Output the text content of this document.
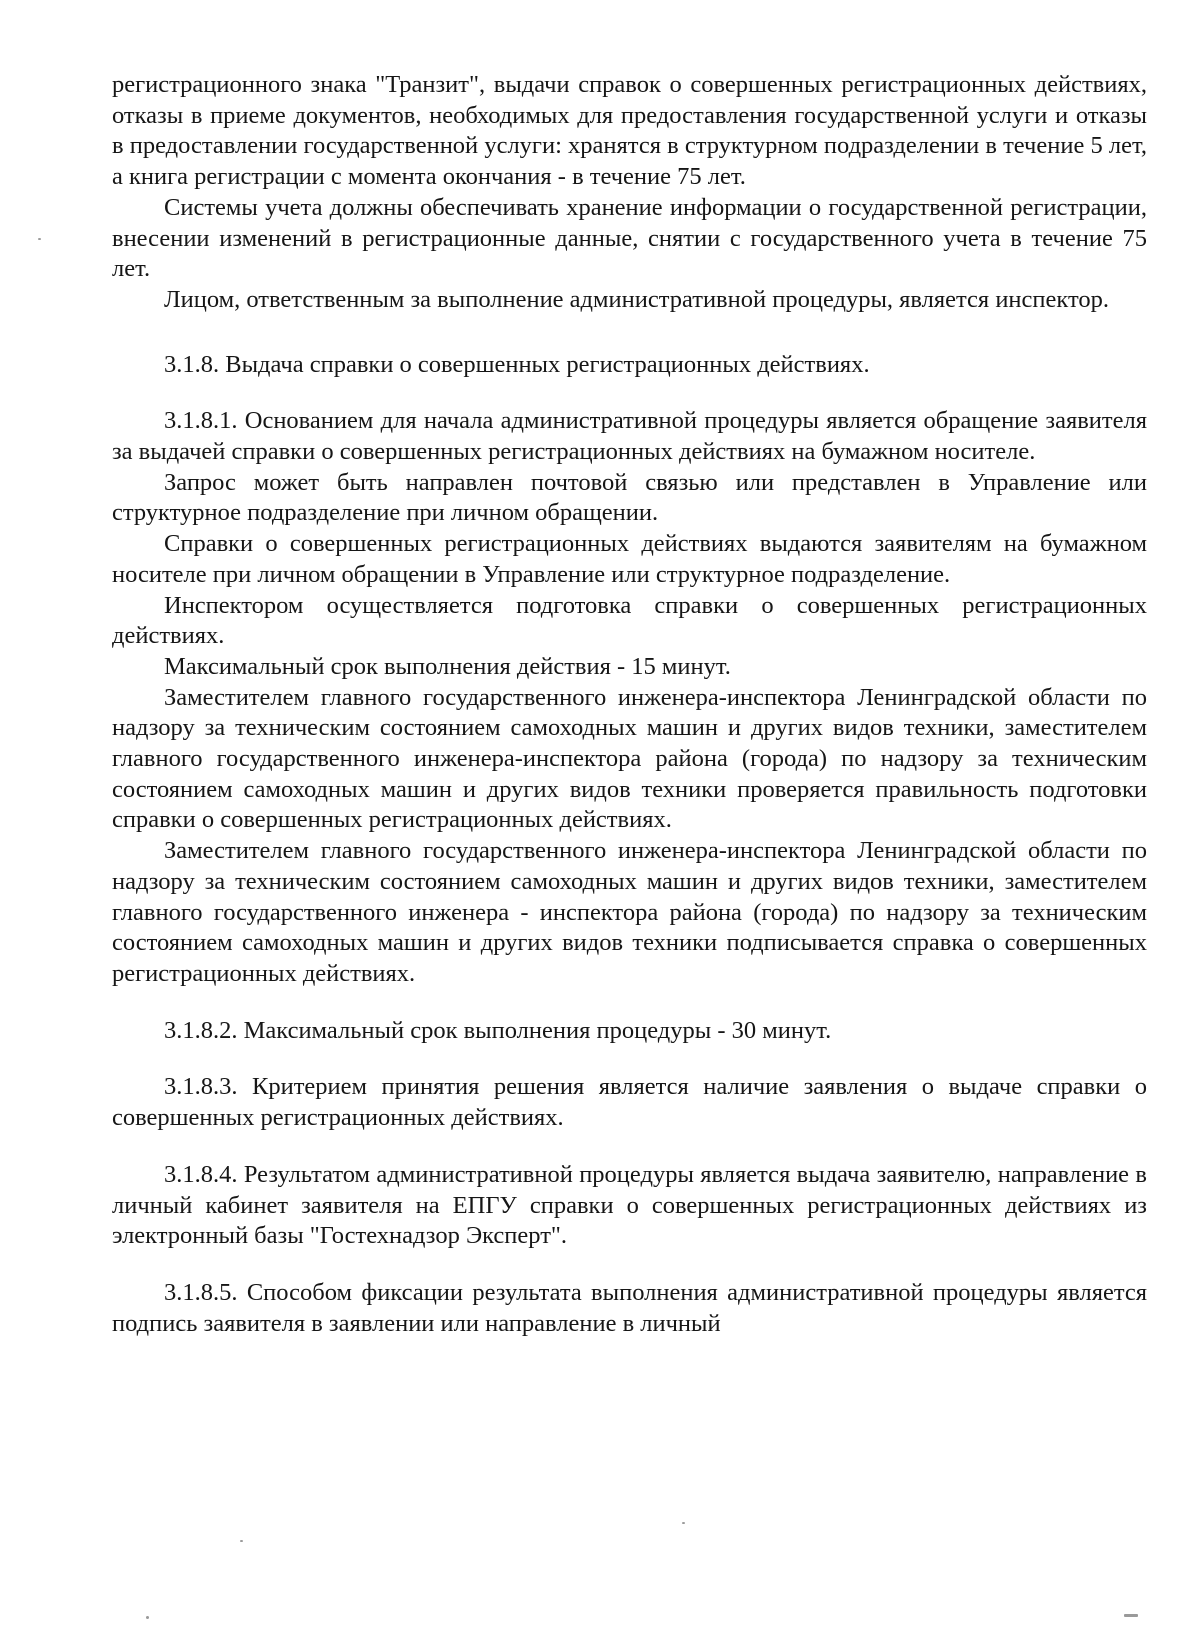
регистрационного знака "Транзит", выдачи справок о совершенных регистрационных действиях, отказы в приеме документов, необходимых для предоставления государственной услуги и отказы в предоставлении государственной услуги: хранятся в структурном подразделении в течение 5 лет, а книга регистрации с момента окончания - в течение 75 лет.

Системы учета должны обеспечивать хранение информации о государственной регистрации, внесении изменений в регистрационные данные, снятии с государственного учета в течение 75 лет.

Лицом, ответственным за выполнение административной процедуры, является инспектор.

3.1.8. Выдача справки о совершенных регистрационных действиях.

3.1.8.1. Основанием для начала административной процедуры является обращение заявителя за выдачей справки о совершенных регистрационных действиях на бумажном носителе.

Запрос может быть направлен почтовой связью или представлен в Управление или структурное подразделение при личном обращении.

Справки о совершенных регистрационных действиях выдаются заявителям на бумажном носителе при личном обращении в Управление или структурное подразделение.

Инспектором осуществляется подготовка справки о совершенных регистрационных действиях.

Максимальный срок выполнения действия - 15 минут.

Заместителем главного государственного инженера-инспектора Ленинградской области по надзору за техническим состоянием самоходных машин и других видов техники, заместителем главного государственного инженера-инспектора района (города) по надзору за техническим состоянием самоходных машин и других видов техники проверяется правильность подготовки справки о совершенных регистрационных действиях.

Заместителем главного государственного инженера-инспектора Ленинградской области по надзору за техническим состоянием самоходных машин и других видов техники, заместителем главного государственного инженера - инспектора района (города) по надзору за техническим состоянием самоходных машин и других видов техники подписывается справка о совершенных регистрационных действиях.

3.1.8.2. Максимальный срок выполнения процедуры - 30 минут.

3.1.8.3. Критерием принятия решения является наличие заявления о выдаче справки о совершенных регистрационных действиях.

3.1.8.4. Результатом административной процедуры является выдача заявителю, направление в личный кабинет заявителя на ЕПГУ справки о совершенных регистрационных действиях из электронный базы "Гостехнадзор Эксперт".

3.1.8.5. Способом фиксации результата выполнения административной процедуры является подпись заявителя в заявлении или направление в личный
